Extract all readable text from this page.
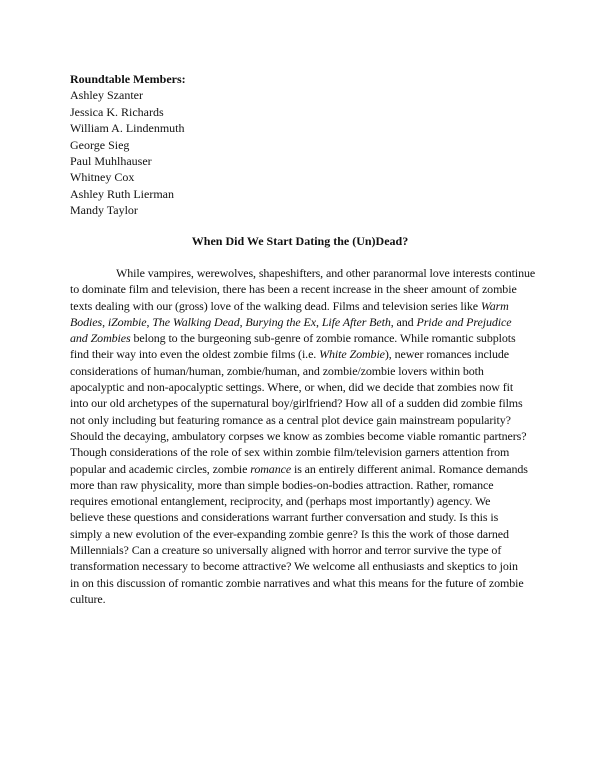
Roundtable Members:
Ashley Szanter
Jessica K. Richards
William A. Lindenmuth
George Sieg
Paul Muhlhauser
Whitney Cox
Ashley Ruth Lierman
Mandy Taylor
When Did We Start Dating the (Un)Dead?
While vampires, werewolves, shapeshifters, and other paranormal love interests continue
to dominate film and television, there has been a recent increase in the sheer amount of zombie
texts dealing with our (gross) love of the walking dead. Films and television series like Warm
Bodies, iZombie, The Walking Dead, Burying the Ex, Life After Beth, and Pride and Prejudice
and Zombies belong to the burgeoning sub-genre of zombie romance. While romantic subplots
find their way into even the oldest zombie films (i.e. White Zombie), newer romances include
considerations of human/human, zombie/human, and zombie/zombie lovers within both
apocalyptic and non-apocalyptic settings. Where, or when, did we decide that zombies now fit
into our old archetypes of the supernatural boy/girlfriend? How all of a sudden did zombie films
not only including but featuring romance as a central plot device gain mainstream popularity?
Should the decaying, ambulatory corpses we know as zombies become viable romantic partners?
Though considerations of the role of sex within zombie film/television garners attention from
popular and academic circles, zombie romance is an entirely different animal. Romance demands
more than raw physicality, more than simple bodies-on-bodies attraction. Rather, romance
requires emotional entanglement, reciprocity, and (perhaps most importantly) agency. We
believe these questions and considerations warrant further conversation and study. Is this is
simply a new evolution of the ever-expanding zombie genre? Is this the work of those darned
Millennials? Can a creature so universally aligned with horror and terror survive the type of
transformation necessary to become attractive? We welcome all enthusiasts and skeptics to join
in on this discussion of romantic zombie narratives and what this means for the future of zombie
culture.
